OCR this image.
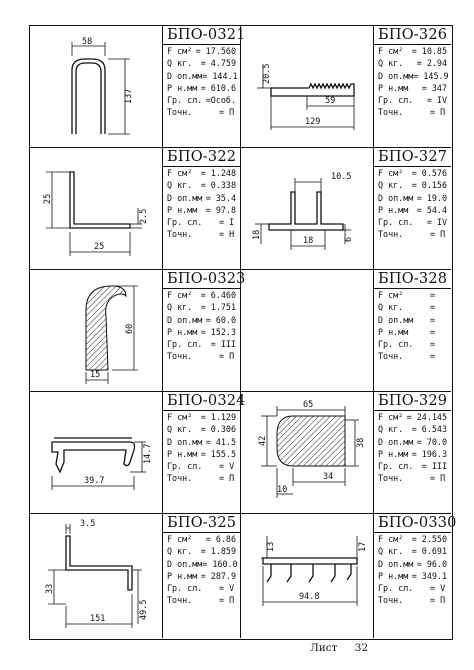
58
137
БПО-0321
F см² = 17.560
Q кг.	= 4.759
D оп.мм = 144.1
P н.мм = 610.6
Гр. сл. =Особ.
Точн.	= П
20.5
59
129
БПО-326
F см²	= 10.85
Q кг.	= 2.94
D оп.мм = 145.9
P н.мм	= 347
Гр. сл.	= IV
Точн.	= П
25
2.5
25
БПО-322
F см²	= 1.248
Q кг.	= 0.338
D оп.мм = 35.4
P н.мм	= 97.8
Гр. сл.	= I
Точн.	= Н
10.5
18
18	6
БПО-327
F см²	= 0.576
Q кг.	= 0.156
D оп.мм = 19.0
P н.мм	= 54.4
Гр. сл.	= IV
Точн.	= П
60
15
БПО-0323
F см²	= 6.460
Q кг.	= 1.751
D оп.мм = 60.0
P н.мм = 152.3
Гр. сл.	= III
Точн.	= П
БПО-328
F см²	=
Q кг.	=
D оп.мм	=
P н.мм	=
Гр. сл.	=
Точн.	=
14.7
39.7
БПО-0324
F см²	= 1.129
Q кг.	= 0.306
D оп.мм = 41.5
P н.мм = 155.5
Гр. сл.	= V
Точн.	= П
65
42	38
34
10
БПО-329
F см² = 24.145
Q кг.	= 6.543
D оп.мм = 70.0
P н.мм = 196.3
Гр. сл.	= III
Точн.	= П
3.5
33
151	49.5
БПО-325
F см²	= 6.86
Q кг.	= 1.859
D оп.мм = 160.0
P н.мм = 287.9
Гр. сл.	= V
Точн.	= П
13	17
94.8
БПО-0330
F см²	= 2.550
Q кг.	= 0.691
D оп.мм = 96.0
P н.мм = 349.1
Гр. сл.	= V
Точн.	= П
Лист 32
